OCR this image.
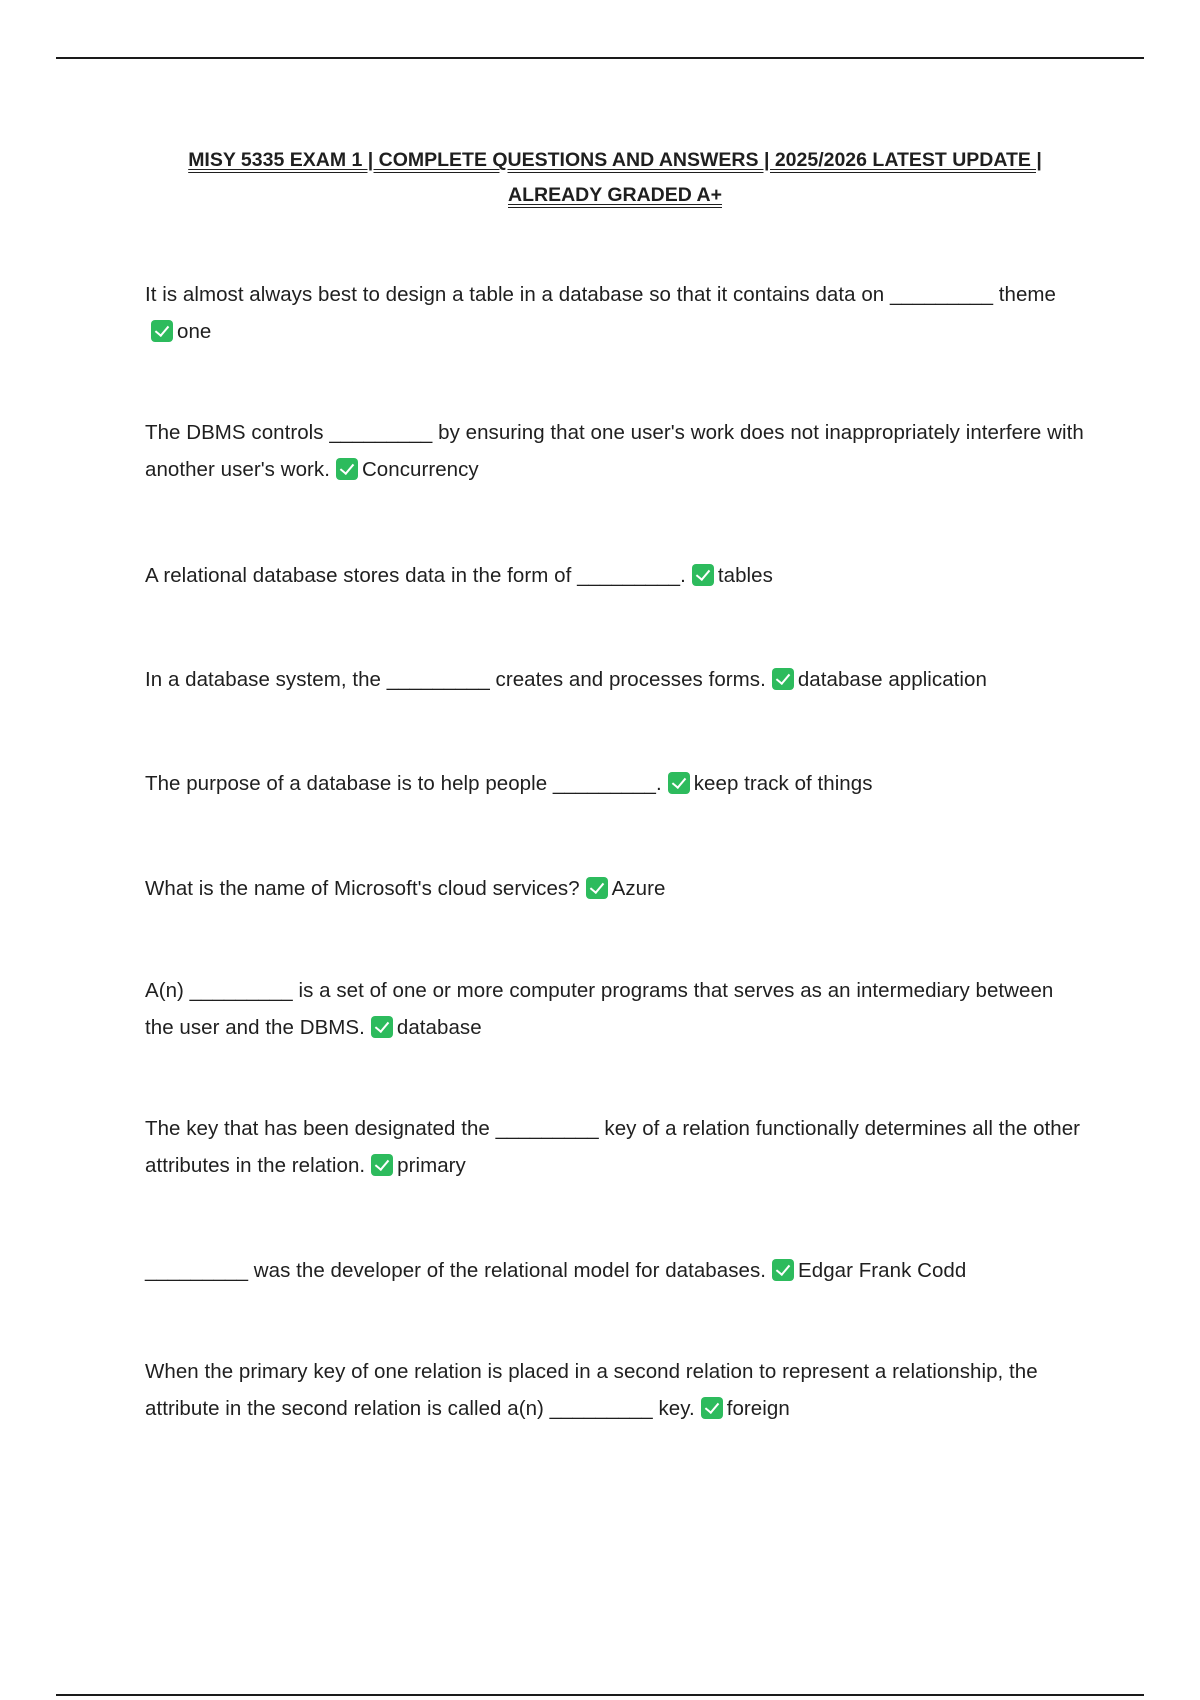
MISY 5335 EXAM 1 | COMPLETE QUESTIONS AND ANSWERS | 2025/2026 LATEST UPDATE |
ALREADY GRADED A+
It is almost always best to design a table in a database so that it contains data on _________ themeone
The DBMS controls _________ by ensuring that one user's work does not inappropriately interfere with another user's work. Concurrency
A relational database stores data in the form of _________. tables
In a database system, the _________ creates and processes forms. database application
The purpose of a database is to help people _________. keep track of things
What is the name of Microsoft's cloud services? Azure
A(n) _________ is a set of one or more computer programs that serves as an intermediary between the user and the DBMS. database
The key that has been designated the _________ key of a relation functionally determines all the other attributes in the relation. primary
_________ was the developer of the relational model for databases. Edgar Frank Codd
When the primary key of one relation is placed in a second relation to represent a relationship, the attribute in the second relation is called a(n) _________ key. foreign
